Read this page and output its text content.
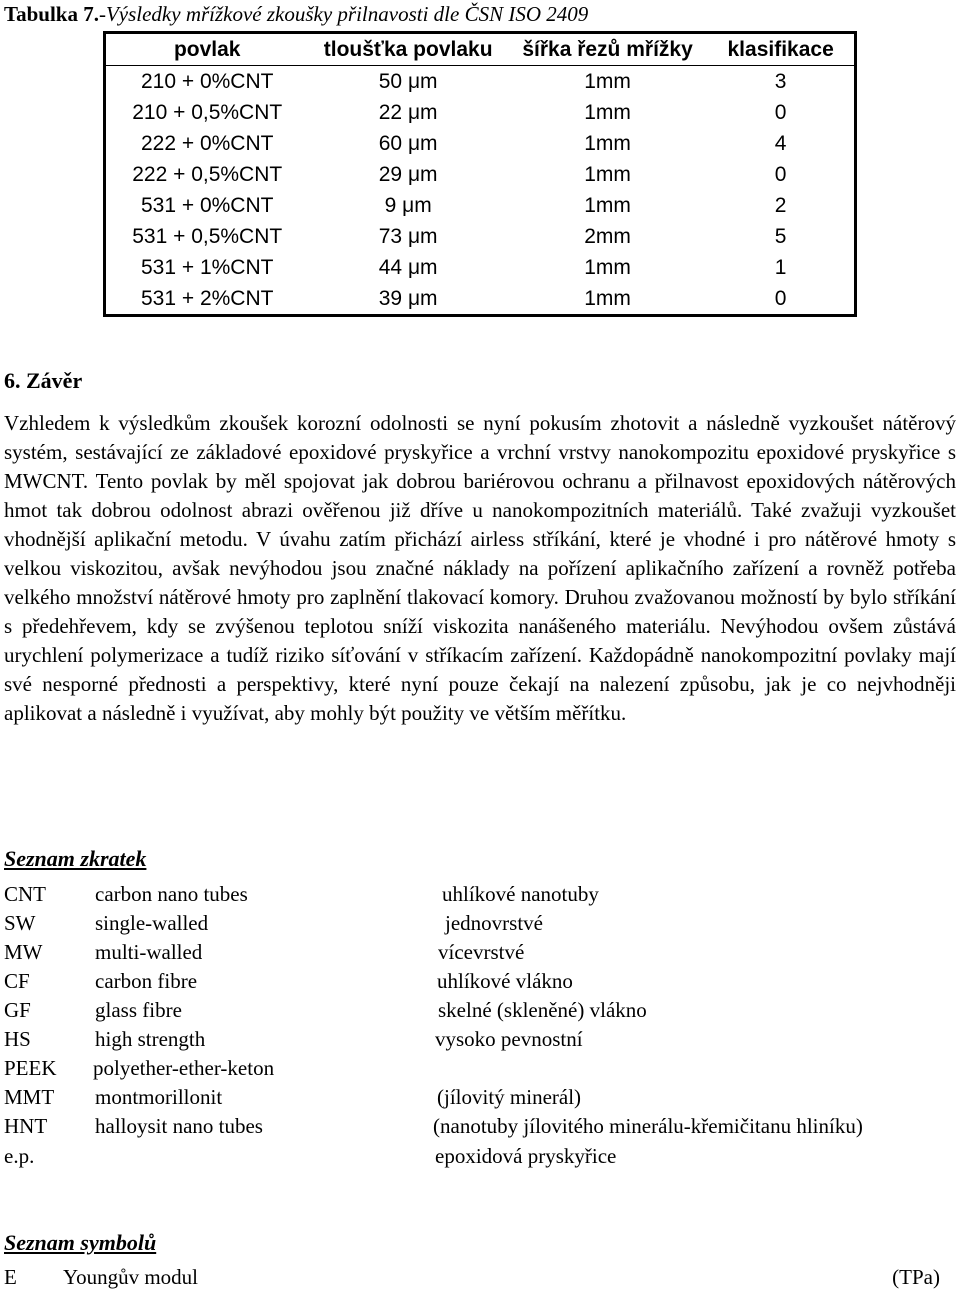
Tabulka 7.-Výsledky mřížkové zkoušky přilnavosti dle ČSN ISO 2409
povlak	tloušťka povlaku	šířka řezů mřížky	klasifikace
210 + 0%CNT	50 μm	1mm	3
210 + 0,5%CNT	22 μm	1mm	0
222 + 0%CNT	60 μm	1mm	4
222 + 0,5%CNT	29 μm	1mm	0
531 + 0%CNT	9 μm	1mm	2
531 + 0,5%CNT	73 μm	2mm	5
531 + 1%CNT	44 μm	1mm	1
531 + 2%CNT	39 μm	1mm	0
6. Závěr
Vzhledem k výsledkům zkoušek korozní odolnosti se nyní pokusím zhotovit a následně vyzkoušet nátěrový systém, sestávající ze základové epoxidové pryskyřice a vrchní vrstvy nanokompozitu epoxidové pryskyřice s MWCNT. Tento povlak by měl spojovat jak dobrou bariérovou ochranu a přilnavost epoxidových nátěrových hmot tak dobrou odolnost abrazi ověřenou již dříve u nanokompozitních materiálů. Také zvažuji vyzkoušet vhodnější aplikační metodu. V úvahu zatím přichází airless stříkání, které je vhodné i pro nátěrové hmoty s velkou viskozitou, avšak nevýhodou jsou značné náklady na pořízení aplikačního zařízení a rovněž potřeba velkého množství nátěrové hmoty pro zaplnění tlakovací komory. Druhou zvažovanou možností by bylo stříkání s předehřevem, kdy se zvýšenou teplotou sníží viskozita nanášeného materiálu. Nevýhodou ovšem zůstává urychlení polymerizace a tudíž riziko síťování v stříkacím zařízení. Každopádně nanokompozitní povlaky mají své nesporné přednosti a perspektivy, které nyní pouze čekají na nalezení způsobu, jak je co nejvhodněji aplikovat a následně i využívat, aby mohly být použity ve větším měřítku.
Seznam zkratek
CNT carbon nano tubes	uhlíkové nanotuby
SW	single-walled	jednovrstvé
MW	multi-walled	vícevrstvé
CF	carbon fibre	uhlíkové vlákno
GF	glass fibre	skelné (skleněné) vlákno
HS	high strength	vysoko pevnostní
PEEK polyether-ether-keton
MMT montmorillonit	(jílovitý minerál)
HNT halloysit nano tubes	(nanotuby jílovitého minerálu-křemičitanu hliníku)
e.p.	epoxidová pryskyřice
Seznam symbolů
E Youngův modul	(TPa)
